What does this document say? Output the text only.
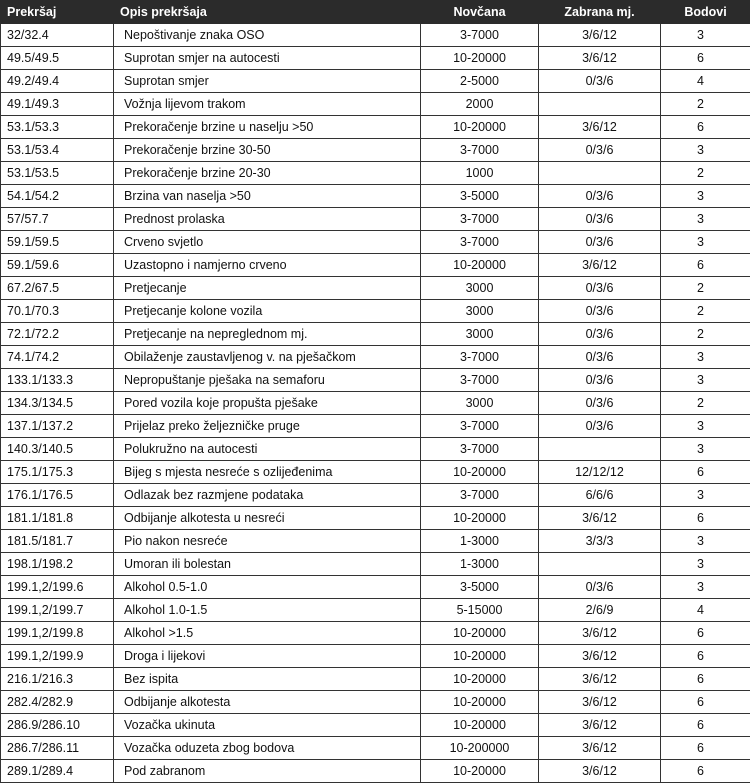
Prekršaj	Opis prekršaja	Novčana	Zabrana mj.	Bodovi
32/32.4	Nepoštivanje znaka OSO	3-7000	3/6/12	3
49.5/49.5	Suprotan smjer na autocesti	10-20000	3/6/12	6
49.2/49.4	Suprotan smjer	2-5000	0/3/6	4
49.1/49.3	Vožnja lijevom trakom	2000		2
53.1/53.3	Prekoračenje brzine u naselju >50	10-20000	3/6/12	6
53.1/53.4	Prekoračenje brzine 30-50	3-7000	0/3/6	3
53.1/53.5	Prekoračenje brzine 20-30	1000		2
54.1/54.2	Brzina van naselja >50	3-5000	0/3/6	3
57/57.7	Prednost prolaska	3-7000	0/3/6	3
59.1/59.5	Crveno svjetlo	3-7000	0/3/6	3
59.1/59.6	Uzastopno i namjerno crveno	10-20000	3/6/12	6
67.2/67.5	Pretjecanje	3000	0/3/6	2
70.1/70.3	Pretjecanje kolone vozila	3000	0/3/6	2
72.1/72.2	Pretjecanje na nepreglednom mj.	3000	0/3/6	2
74.1/74.2	Obilaženje zaustavljenog v. na pješačkom	3-7000	0/3/6	3
133.1/133.3	Nepropuštanje pješaka na semaforu	3-7000	0/3/6	3
134.3/134.5	Pored vozila koje propušta pješake	3000	0/3/6	2
137.1/137.2	Prijelaz preko željezničke pruge	3-7000	0/3/6	3
140.3/140.5	Polukružno na autocesti	3-7000		3
175.1/175.3	Bijeg s mjesta nesreće s ozlijeđenima	10-20000	12/12/12	6
176.1/176.5	Odlazak bez razmjene podataka	3-7000	6/6/6	3
181.1/181.8	Odbijanje alkotesta u nesreći	10-20000	3/6/12	6
181.5/181.7	Pio nakon nesreće	1-3000	3/3/3	3
198.1/198.2	Umoran ili bolestan	1-3000		3
199.1,2/199.6	Alkohol 0.5-1.0	3-5000	0/3/6	3
199.1,2/199.7	Alkohol 1.0-1.5	5-15000	2/6/9	4
199.1,2/199.8	Alkohol >1.5	10-20000	3/6/12	6
199.1,2/199.9	Droga i lijekovi	10-20000	3/6/12	6
216.1/216.3	Bez ispita	10-20000	3/6/12	6
282.4/282.9	Odbijanje alkotesta	10-20000	3/6/12	6
286.9/286.10	Vozačka ukinuta	10-20000	3/6/12	6
286.7/286.11	Vozačka oduzeta zbog bodova	10-200000	3/6/12	6
289.1/289.4	Pod zabranom	10-20000	3/6/12	6
